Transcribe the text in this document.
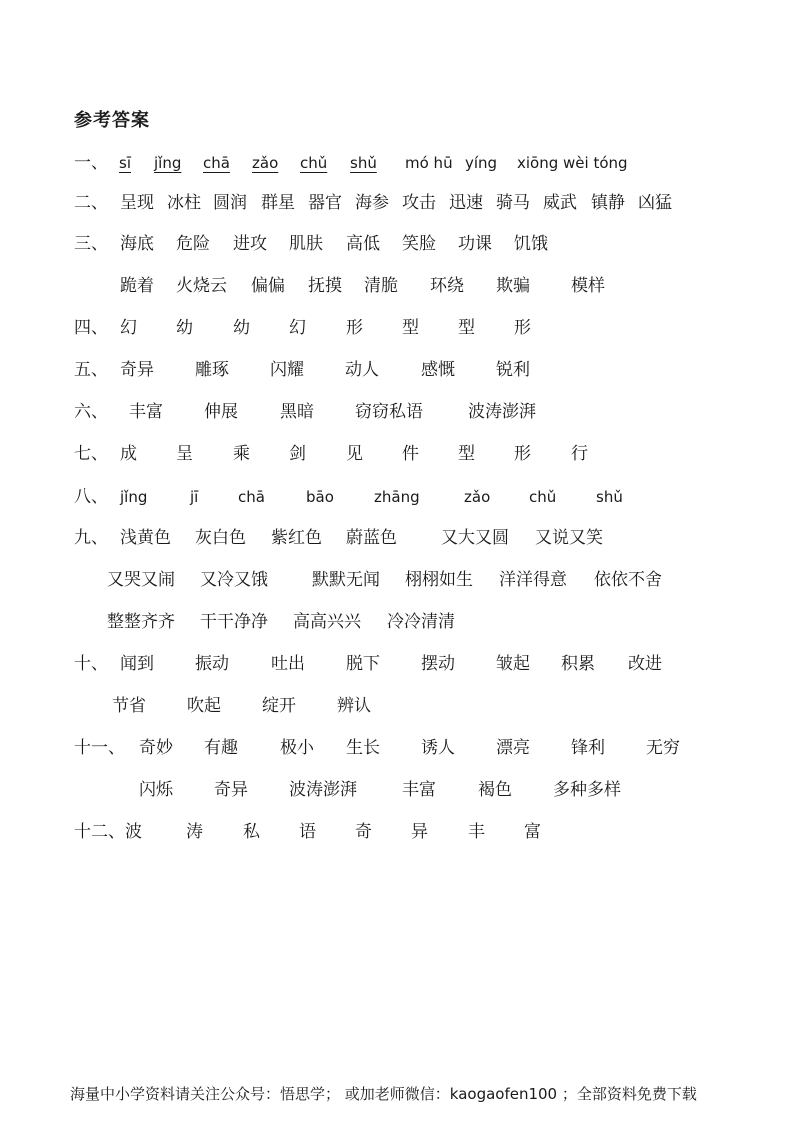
参考答案
一、 sī jǐng chā zǎo chǔ shǔ mó hū yíng xiōng wèi tóng
二、 呈现 冰柱 圆润 群星 器官 海参 攻击 迅速 骑马 威武 镇静 凶猛
三、 海底 危险 进攻 肌肤 高低 笑脸 功课 饥饿
跪着 火烧云 偏偏 抚摸 清脆 环绕 欺骗 模样
四、 幻 幼 幼 幻 形 型 型 形
五、 奇异 雕琢 闪耀 动人 感慨 锐利
六、 丰富 伸展 黑暗 窃窃私语	波涛澎湃
七、 成 呈 乘 剑 见 件 型 形 行
八、 jǐng	jī	chā	bāo	zhāng	zǎo	chǔ	shǔ
九、 浅黄色 灰白色 紫红色 蔚蓝色	又大又圆 又说又笑
又哭又闹 又冷又饿	默默无闻 栩栩如生 洋洋得意 依依不舍
整整齐齐 干干净净 高高兴兴 冷冷清清
十、 闻到 振动 吐出 脱下 摆动 皱起 积累 改进
节省 吹起 绽开 辨认
十一、 奇妙 有趣 极小 生长 诱人 漂亮 锋利 无穷
闪烁 奇异 波涛澎湃	丰富 褐色 多种多样
十二、波	涛 私 语 奇 异 丰 富
海量中小学资料请关注公众号：悟思学； 或加老师微信：kaogaofen100 ；全部资料免费下载
